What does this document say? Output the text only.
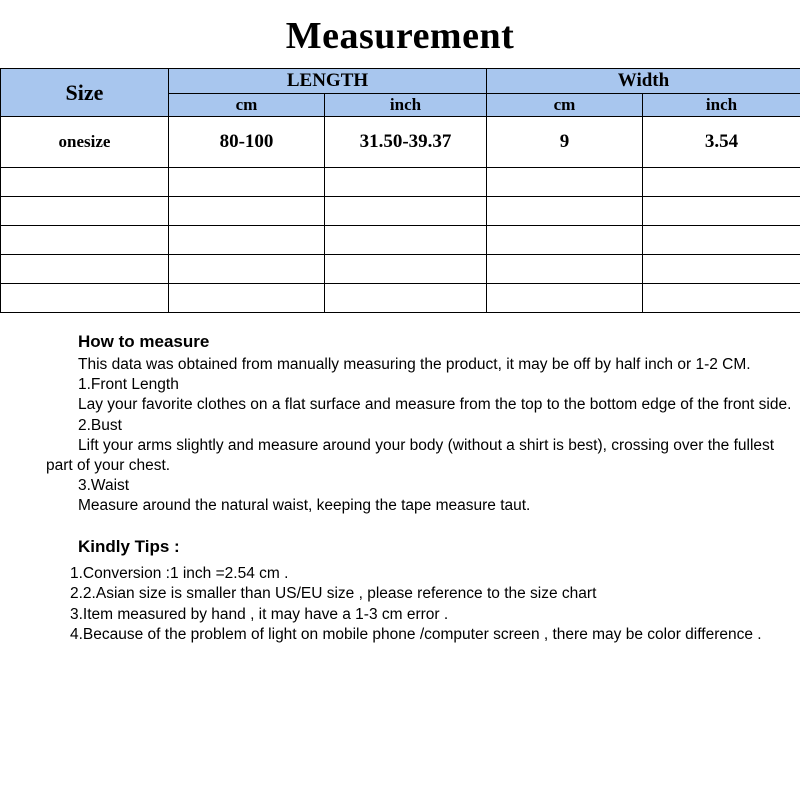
Measurement
Size	LENGTH		Width	
	cm	inch	cm	inch
onesize	80-100	31.50-39.37	9	3.54

How to measure
This data was obtained from manually measuring the product, it may be off by half inch or 1-2 CM.
1.Front Length
Lay your favorite clothes on a flat surface and measure from the top to the bottom edge of the front side.
2.Bust
Lift your arms slightly and measure around your body (without a shirt is best), crossing over the fullest part of your chest.
3.Waist
Measure around the natural waist, keeping the tape measure taut.
Kindly Tips :
1.Conversion :1 inch =2.54 cm .
2.2.Asian size is smaller than US/EU size , please reference to the size chart
3.Item measured by hand , it may have a 1-3 cm error .
4.Because of the problem of light on mobile phone /computer screen , there may be color difference .
